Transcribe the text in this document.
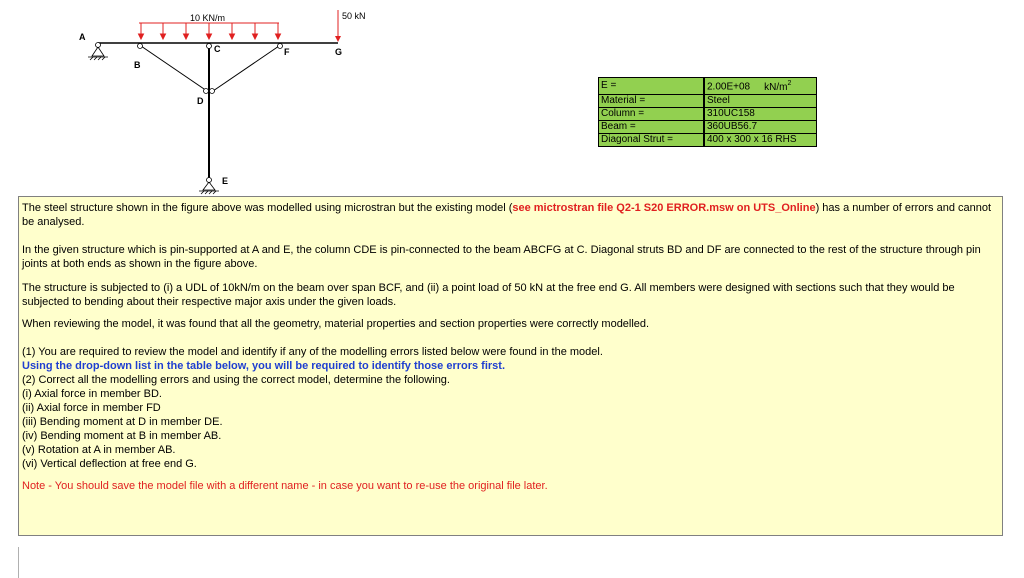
10 KN/m	50 kN
A
B
C
D
E
F	G
E =		2.00E+08 $kN/m^2$
Material =		Steel
Column =		310UC158
Beam =		360UB56.7
Diagonal Strut =		400 x 300 x 16 RHS

The steel structure shown in the figure above was modelled using microstran but the existing model (see mictrostran file Q2-1 S20 ERROR.msw on UTS_Online) has a number of errors and cannot be analysed.

In the given structure which is pin-supported at A and E, the column CDE is pin-connected to the beam ABCFG at C. Diagonal struts BD and DF are connected to the rest of the structure through pin joints at both ends as shown in the figure above.

The structure is subjected to (i) a UDL of 10kN/m on the beam over span BCF, and (ii) a point load of 50 kN at the free end G. All members were designed with sections such that they would be subjected to bending about their respective major axis under the given loads.

When reviewing the model, it was found that all the geometry, material properties and section properties were correctly modelled.

(1) You are required to review the model and identify if any of the modelling errors listed below were found in the model.

Using the drop-down list in the table below, you will be required to identify those errors first.

(2) Correct all the modelling errors and using the correct model, determine the following.

(i) Axial force in member BD.

(ii) Axial force in member FD

(iii) Bending moment at D in member DE.

(iv) Bending moment at B in member AB.

(v) Rotation at A in member AB.

(vi) Vertical deflection at free end G.

Note - You should save the model file with a different name - in case you want to re-use the original file later.
